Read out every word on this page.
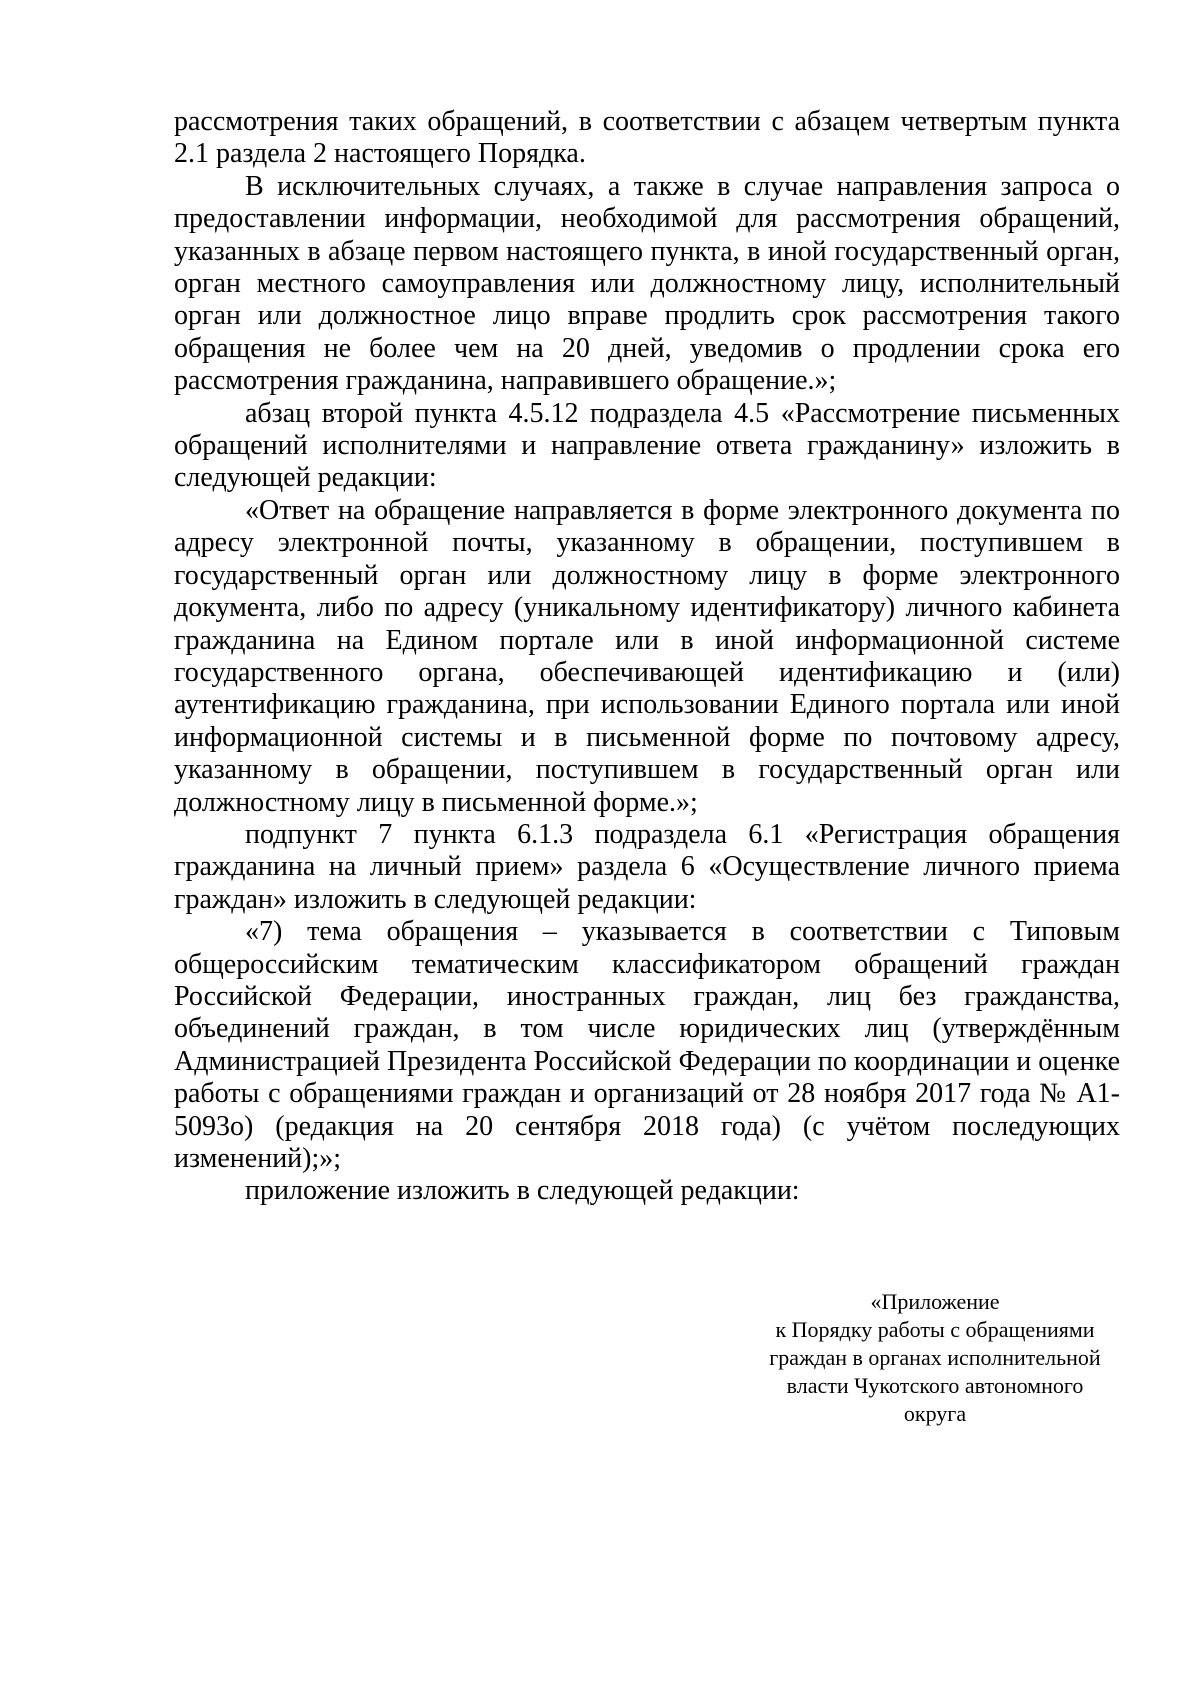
рассмотрения таких обращений, в соответствии с абзацем четвертым пункта 2.1 раздела 2 настоящего Порядка.

В исключительных случаях, а также в случае направления запроса о предоставлении информации, необходимой для рассмотрения обращений, указанных в абзаце первом настоящего пункта, в иной государственный орган, орган местного самоуправления или должностному лицу, исполнительный орган или должностное лицо вправе продлить срок рассмотрения такого обращения не более чем на 20 дней, уведомив о продлении срока его рассмотрения гражданина, направившего обращение.»;

абзац второй пункта 4.5.12 подраздела 4.5 «Рассмотрение письменных обращений исполнителями и направление ответа гражданину» изложить в следующей редакции:

«Ответ на обращение направляется в форме электронного документа по адресу электронной почты, указанному в обращении, поступившем в государственный орган или должностному лицу в форме электронного документа, либо по адресу (уникальному идентификатору) личного кабинета гражданина на Едином портале или в иной информационной системе государственного органа, обеспечивающей идентификацию и (или) аутентификацию гражданина, при использовании Единого портала или иной информационной системы и в письменной форме по почтовому адресу, указанному в обращении, поступившем в государственный орган или должностному лицу в письменной форме.»;

подпункт 7 пункта 6.1.3 подраздела 6.1 «Регистрация обращения гражданина на личный прием» раздела 6 «Осуществление личного приема граждан» изложить в следующей редакции:

«7) тема обращения – указывается в соответствии с Типовым общероссийским тематическим классификатором обращений граждан Российской Федерации, иностранных граждан, лиц без гражданства, объединений граждан, в том числе юридических лиц (утверждённым Администрацией Президента Российской Федерации по координации и оценке работы с обращениями граждан и организаций от 28 ноября 2017 года № А1-5093о) (редакция на 20 сентября 2018 года) (с учётом последующих изменений);»;

приложение изложить в следующей редакции:

«Приложение
к Порядку работы с обращениями
граждан в органах исполнительной
власти Чукотского автономного
округа
